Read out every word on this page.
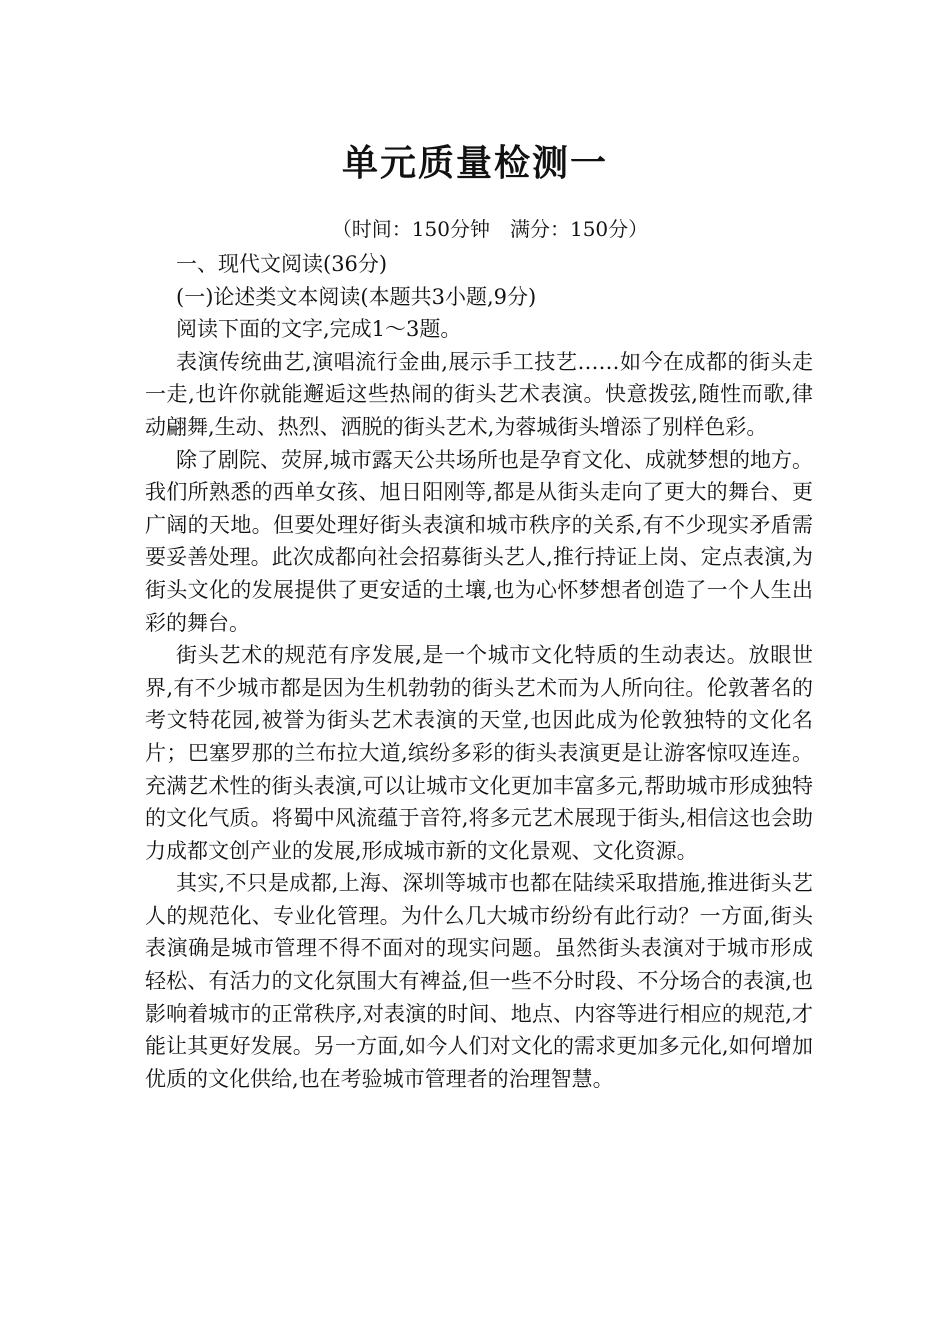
单元质量检测一
（时间：150分钟　满分：150分）

一、现代文阅读(36分)

(一)论述类文本阅读(本题共3小题,9分)

阅读下面的文字,完成1～3题。

表演传统曲艺,演唱流行金曲,展示手工技艺……如今在成都的街头走一走,也许你就能邂逅这些热闹的街头艺术表演。快意拨弦,随性而歌,律动翩舞,生动、热烈、洒脱的街头艺术,为蓉城街头增添了别样色彩。

除了剧院、荧屏,城市露天公共场所也是孕育文化、成就梦想的地方。我们所熟悉的西单女孩、旭日阳刚等,都是从街头走向了更大的舞台、更广阔的天地。但要处理好街头表演和城市秩序的关系,有不少现实矛盾需要妥善处理。此次成都向社会招募街头艺人,推行持证上岗、定点表演,为街头文化的发展提供了更安适的土壤,也为心怀梦想者创造了一个人生出彩的舞台。

街头艺术的规范有序发展,是一个城市文化特质的生动表达。放眼世界,有不少城市都是因为生机勃勃的街头艺术而为人所向往。伦敦著名的考文特花园,被誉为街头艺术表演的天堂,也因此成为伦敦独特的文化名片；巴塞罗那的兰布拉大道,缤纷多彩的街头表演更是让游客惊叹连连。充满艺术性的街头表演,可以让城市文化更加丰富多元,帮助城市形成独特的文化气质。将蜀中风流蕴于音符,将多元艺术展现于街头,相信这也会助力成都文创产业的发展,形成城市新的文化景观、文化资源。

其实,不只是成都,上海、深圳等城市也都在陆续采取措施,推进街头艺人的规范化、专业化管理。为什么几大城市纷纷有此行动？一方面,街头表演确是城市管理不得不面对的现实问题。虽然街头表演对于城市形成轻松、有活力的文化氛围大有裨益,但一些不分时段、不分场合的表演,也影响着城市的正常秩序,对表演的时间、地点、内容等进行相应的规范,才能让其更好发展。另一方面,如今人们对文化的需求更加多元化,如何增加优质的文化供给,也在考验城市管理者的治理智慧。
